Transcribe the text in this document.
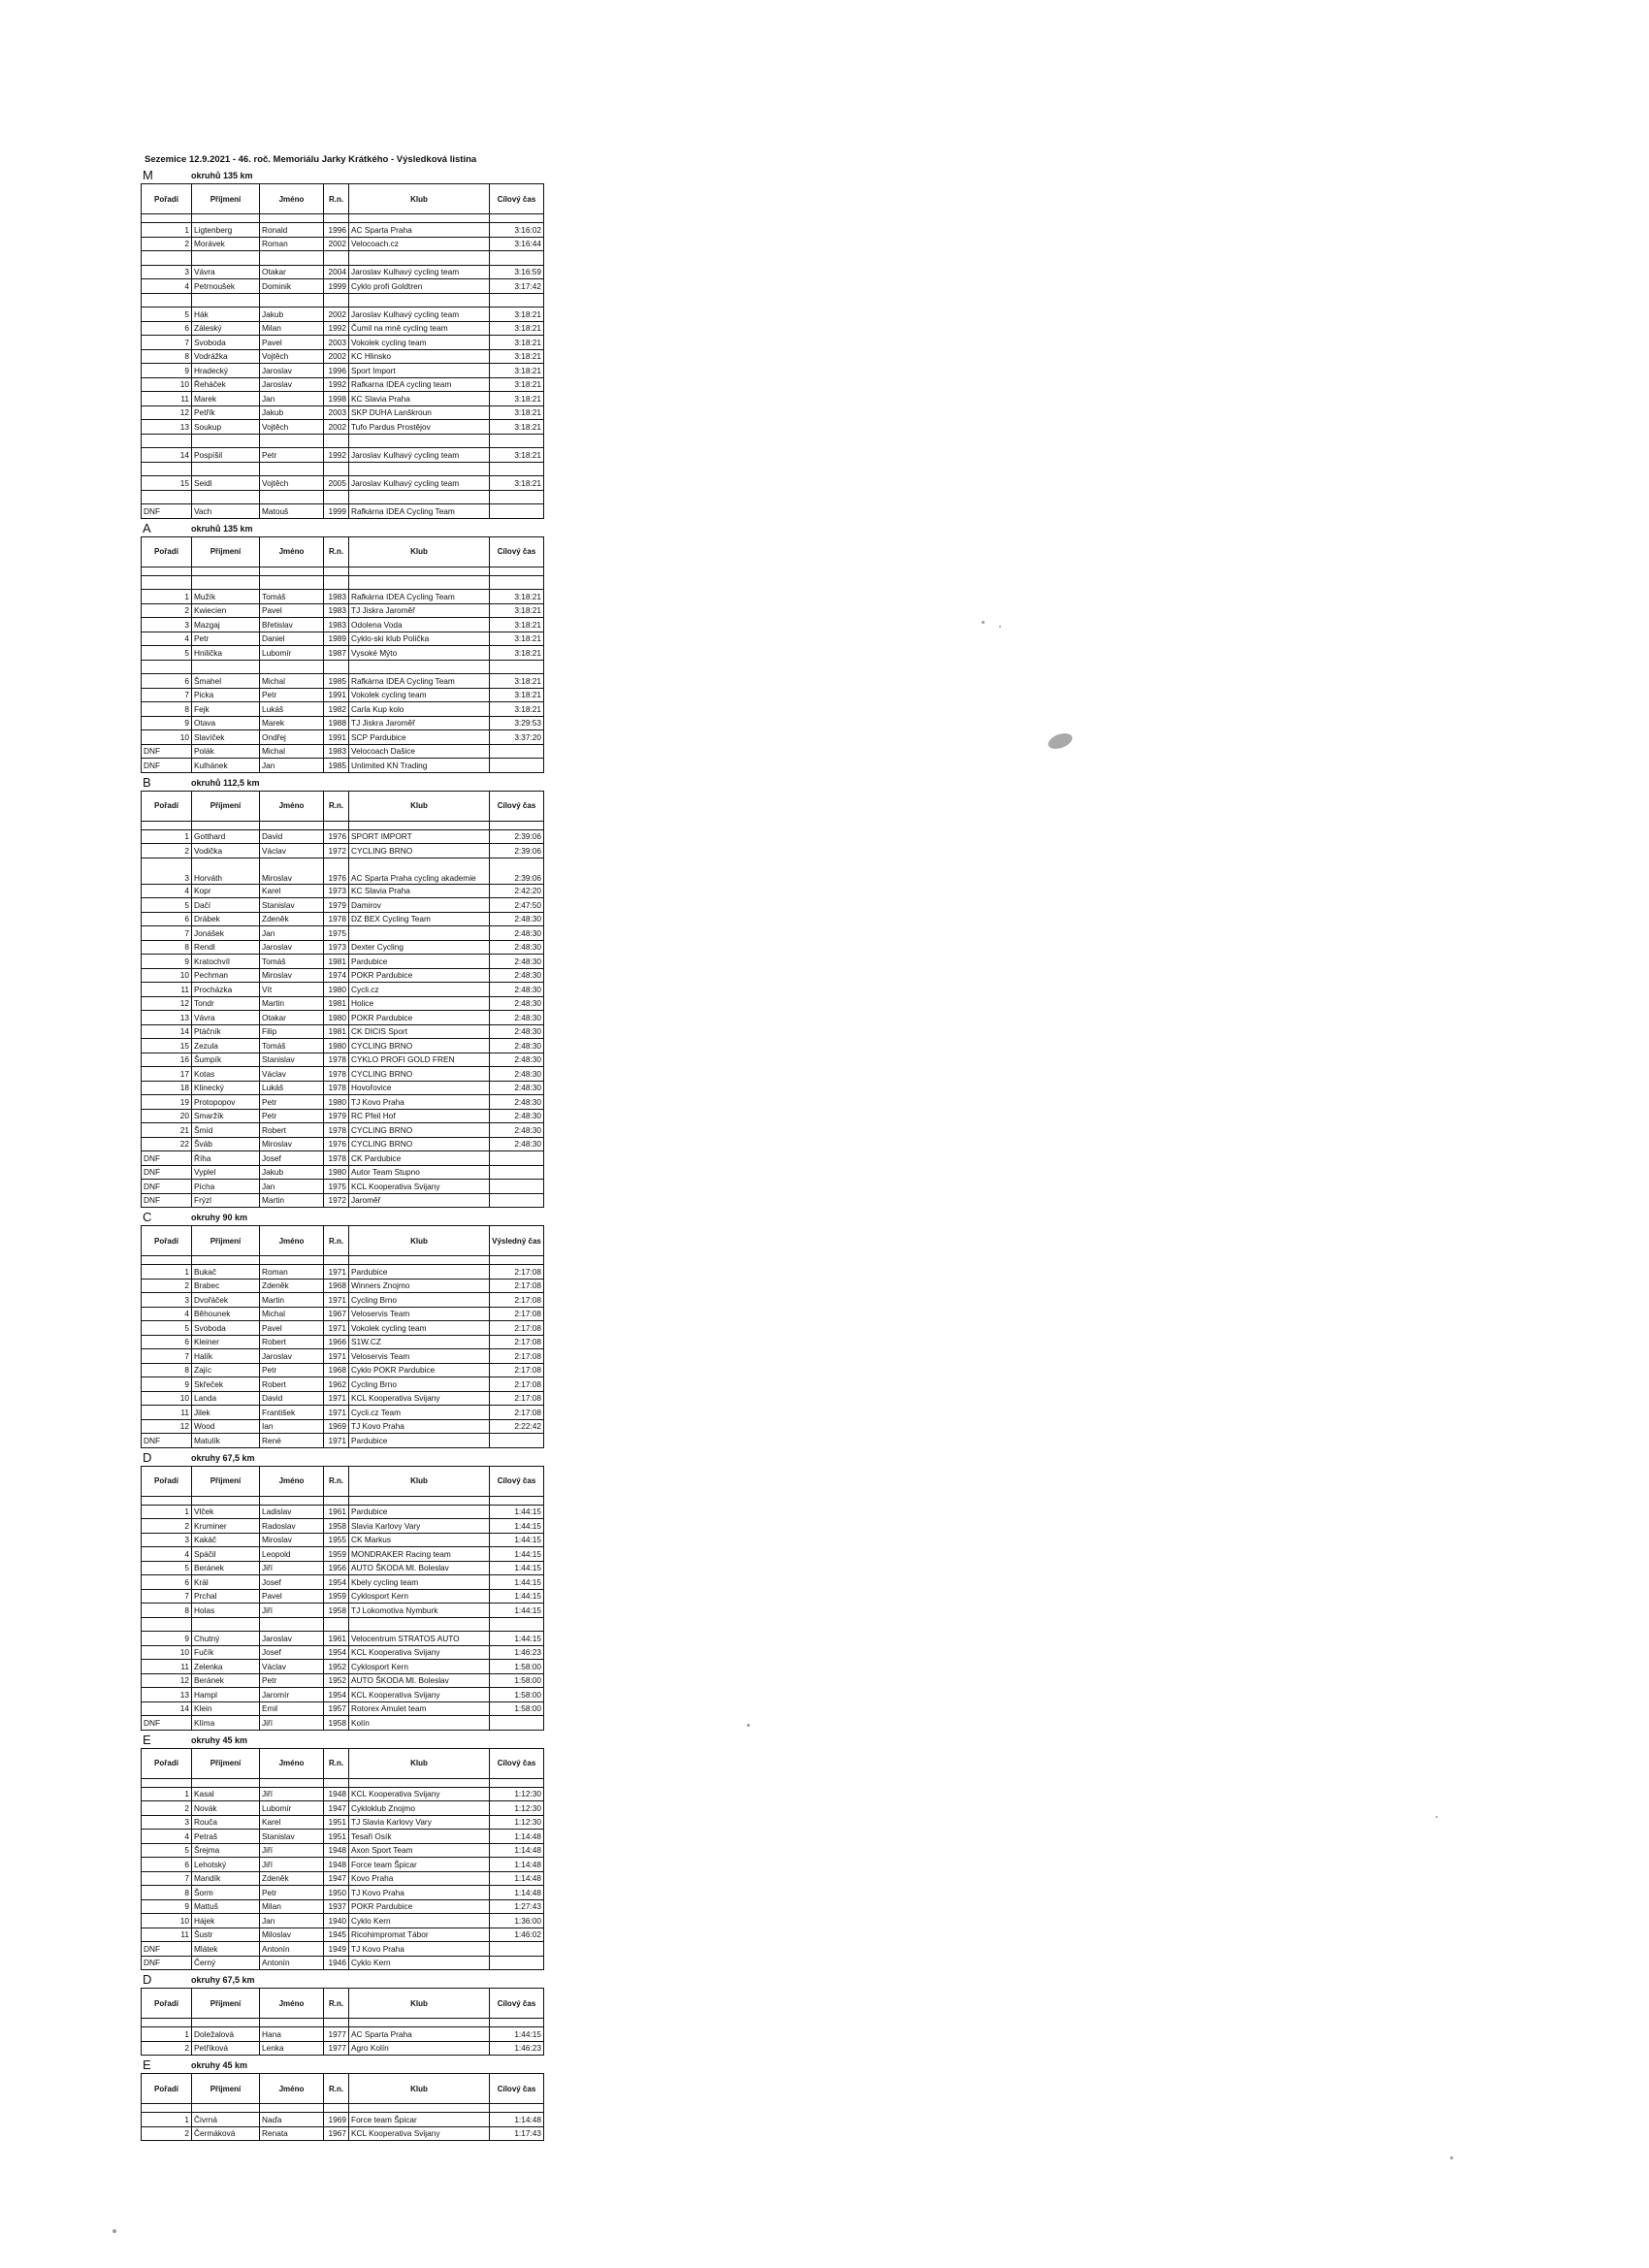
Sezemice 12.9.2021 - 46. roč. Memoriálu Jarky Krátkého - Výsledková listina
M	okruhů 135 km
Pořadí	Příjmení	Jméno	R.n.	Klub	Cílový čas

1	Ligtenberg	Ronald	1996	AC Sparta Praha	3:16:02
2	Morávek	Roman	2002	Velocoach.cz	3:16:44

3	Vávra	Otakar	2004	Jaroslav Kulhavý cycling team	3:16:59
4	Petrnoušek	Dominik	1999	Cyklo profi Goldtren	3:17:42

5	Hák	Jakub	2002	Jaroslav Kulhavý cycling team	3:18:21
6	Záleský	Milan	1992	Čumil na mně cycling team	3:18:21
7	Svoboda	Pavel	2003	Vokolek cycling team	3:18:21
8	Vodrážka	Vojtěch	2002	KC Hlinsko	3:18:21
9	Hradecký	Jaroslav	1996	Sport Import	3:18:21
10	Řeháček	Jaroslav	1992	Rafkarna IDEA cycling team	3:18:21
11	Marek	Jan	1998	KC Slavia Praha	3:18:21
12	Petřík	Jakub	2003	SKP DUHA Lanškroun	3:18:21
13	Soukup	Vojtěch	2002	Tufo Pardus Prostějov	3:18:21

14	Pospíšil	Petr	1992	Jaroslav Kulhavý cycling team	3:18:21

15	Seidl	Vojtěch	2005	Jaroslav Kulhavý cycling team	3:18:21

DNF	Vach	Matouš	1999	Rafkárna IDEA Cycling Team	
A	okruhů 135 km
Pořadí	Příjmení	Jméno	R.n.	Klub	Cílový čas

1	Mužík	Tomáš	1983	Rafkárna IDEA Cycling Team	3:18:21
2	Kwiecien	Pavel	1983	TJ Jiskra Jaroměř	3:18:21
3	Mazgaj	Břetislav	1983	Odolena Voda	3:18:21
4	Petr	Daniel	1989	Cyklo-ski klub Polička	3:18:21
5	Hnilička	Lubomír	1987	Vysoké Mýto	3:18:21

6	Šmahel	Michal	1985	Rafkárna IDEA Cycling Team	3:18:21
7	Picka	Petr	1991	Vokolek cycling team	3:18:21
8	Fejk	Lukáš	1982	Carla Kup kolo	3:18:21
9	Otava	Marek	1988	TJ Jiskra Jaroměř	3:29:53
10	Slavíček	Ondřej	1991	SCP Pardubice	3:37:20
DNF	Polák	Michal	1983	Velocoach Dašice	
DNF	Kulhánek	Jan	1985	Unlimited KN Trading	
B	okruhů 112,5 km
Pořadí	Příjmení	Jméno	R.n.	Klub	Cílový čas

1	Gotthard	David	1976	SPORT IMPORT	2:39:06
2	Vodička	Václav	1972	CYCLING BRNO	2:39:06
3	Horváth	Miroslav	1976	AC Sparta Praha cycling akademie	2:39:06
4	Kopr	Karel	1973	KC Slavia Praha	2:42:20
5	Dačí	Stanislav	1979	Damirov	2:47:50
6	Drábek	Zdeněk	1978	DZ BEX Cycling Team	2:48:30
7	Jonášek	Jan	1975		2:48:30
8	Rendl	Jaroslav	1973	Dexter Cycling	2:48:30
9	Kratochvíl	Tomáš	1981	Pardubice	2:48:30
10	Pechman	Miroslav	1974	POKR Pardubice	2:48:30
11	Procházka	Vít	1980	Cycli.cz	2:48:30
12	Tondr	Martin	1981	Holice	2:48:30
13	Vávra	Otakar	1980	POKR Pardubice	2:48:30
14	Ptáčník	Filip	1981	CK DICIS Sport	2:48:30
15	Zezula	Tomáš	1980	CYCLING BRNO	2:48:30
16	Šumpík	Stanislav	1978	CYKLO PROFI GOLD FREN	2:48:30
17	Kotas	Václav	1978	CYCLING BRNO	2:48:30
18	Klinecký	Lukáš	1978	Hovořovice	2:48:30
19	Protopopov	Petr	1980	TJ Kovo Praha	2:48:30
20	Smaržík	Petr	1979	RC Pfeil Hof	2:48:30
21	Šmíd	Robert	1978	CYCLING BRNO	2:48:30
22	Šváb	Miroslav	1976	CYCLING BRNO	2:48:30
DNF	Říha	Josef	1978	CK Pardubice	
DNF	Vyplel	Jakub	1980	Autor Team Stupno	
DNF	Pícha	Jan	1975	KCL Kooperativa Svijany	
DNF	Frýzl	Martin	1972	Jaroměř	
C	okruhy 90 km
Pořadí	Příjmení	Jméno	R.n.	Klub	Výsledný čas

1	Bukač	Roman	1971	Pardubice	2:17:08
2	Brabec	Zdeněk	1968	Winners Znojmo	2:17:08
3	Dvořáček	Martin	1971	Cycling Brno	2:17:08
4	Běhounek	Michal	1967	Veloservis Team	2:17:08
5	Svoboda	Pavel	1971	Vokolek cycling team	2:17:08
6	Kleiner	Robert	1966	S1W.CZ	2:17:08
7	Halík	Jaroslav	1971	Veloservis Team	2:17:08
8	Zajíc	Petr	1968	Cyklo POKR Pardubice	2:17:08
9	Skřeček	Robert	1962	Cycling Brno	2:17:08
10	Landa	David	1971	KCL Kooperativa Svijany	2:17:08
11	Jilek	František	1971	Cycli.cz Team	2:17:08
12	Wood	Ian	1969	TJ Kovo Praha	2:22:42
DNF	Matulík	René	1971	Pardubice	
D	okruhy 67,5 km
Pořadí	Příjmení	Jméno	R.n.	Klub	Cílový čas

1	Vlček	Ladislav	1961	Pardubice	1:44:15
2	Kruminer	Radoslav	1958	Slavia Karlovy Vary	1:44:15
3	Kakáč	Miroslav	1955	CK Markus	1:44:15
4	Spáčil	Leopold	1959	MONDRAKER Racing team	1:44:15
5	Beránek	Jiří	1956	AUTO ŠKODA Ml. Boleslav	1:44:15
6	Král	Josef	1954	Kbely cycling team	1:44:15
7	Prchal	Pavel	1959	Cyklosport Kern	1:44:15
8	Holas	Jiří	1958	TJ Lokomotiva Nymburk	1:44:15

9	Chutný	Jaroslav	1961	Velocentrum STRATOS AUTO	1:44:15
10	Fučík	Josef	1954	KCL Kooperativa Svijany	1:46:23
11	Zelenka	Václav	1952	Cyklosport Kern	1:58:00
12	Beránek	Petr	1952	AUTO ŠKODA Ml. Boleslav	1:58:00
13	Hampl	Jaromír	1954	KCL Kooperativa Svijany	1:58:00
14	Klein	Emil	1957	Rotorex Amulet team	1:58:00
DNF	Klíma	Jiří	1958	Kolín	
E	okruhy 45 km
Pořadí	Příjmení	Jméno	R.n.	Klub	Cílový čas

1	Kasal	Jiří	1948	KCL Kooperativa Svijany	1:12:30
2	Novák	Lubomír	1947	Cykloklub Znojmo	1:12:30
3	Rouča	Karel	1951	TJ Slavia Karlovy Vary	1:12:30
4	Petraš	Stanislav	1951	Tesaři Osík	1:14:48
5	Šrejma	Jiří	1948	Axon Sport Team	1:14:48
6	Lehotský	Jiří	1948	Force team Špicar	1:14:48
7	Mandík	Zdeněk	1947	Kovo Praha	1:14:48
8	Šorm	Petr	1950	TJ Kovo Praha	1:14:48
9	Mattuš	Milan	1937	POKR Pardubice	1:27:43
10	Hájek	Jan	1940	Cyklo Kern	1:36:00
11	Šustr	Miloslav	1945	Ricohimpromat Tábor	1:46:02
DNF	Mlátek	Antonín	1949	TJ Kovo Praha	
DNF	Černý	Antonín	1946	Cyklo Kern	
D	okruhy 67,5 km
Pořadí	Příjmení	Jméno	R.n.	Klub	Cílový čas

1	Doležalová	Hana	1977	AC Sparta Praha	1:44:15
2	Petříková	Lenka	1977	Agro Kolín	1:46:23
E	okruhy 45 km
Pořadí	Příjmení	Jméno	R.n.	Klub	Cílový čas

1	Čivrná	Naďa	1969	Force team Špicar	1:14:48
2	Čermáková	Renata	1967	KCL Kooperativa Svijany	1:17:43
